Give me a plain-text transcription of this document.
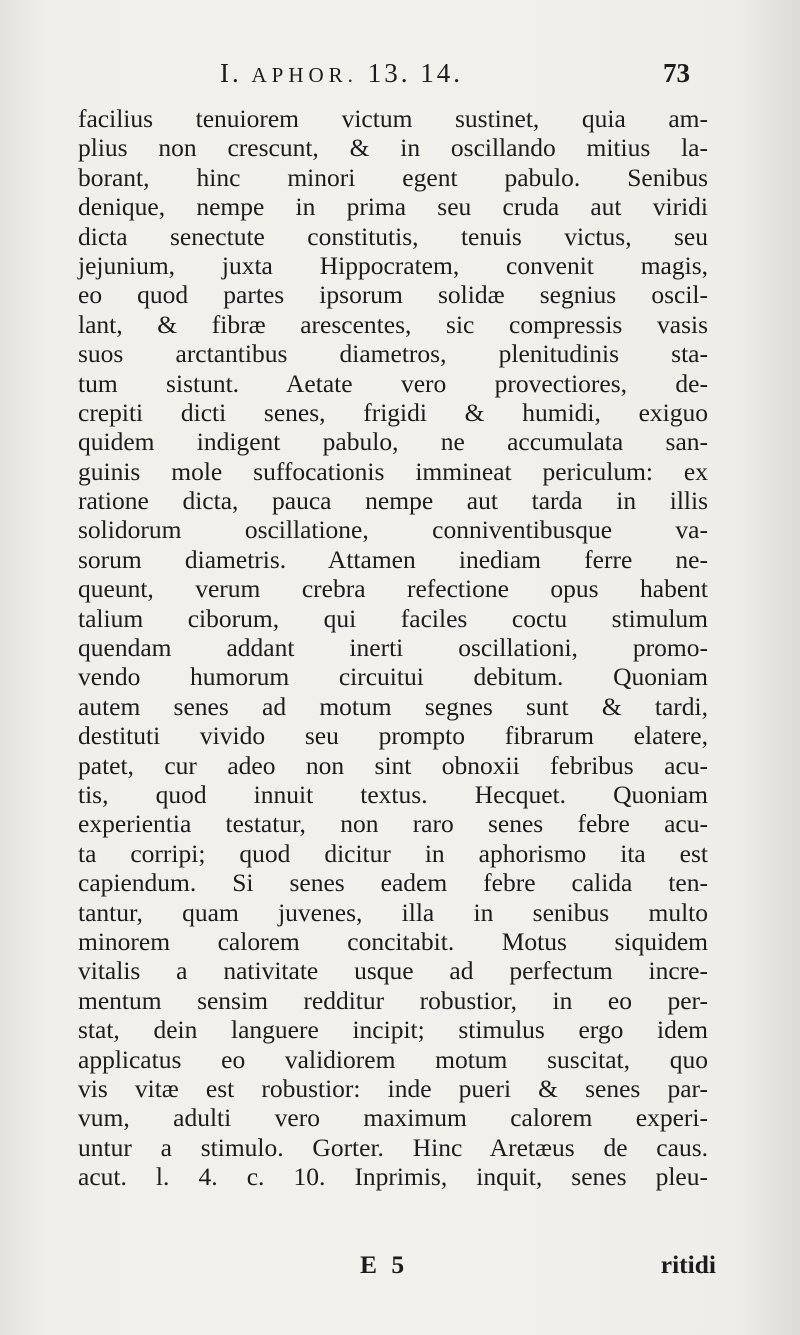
I. APHOR. 13. 14.	73
facilius tenuiorem victum sustinet, quia am-
plius non crescunt, & in oscillando mitius la-
borant, hinc minori egent pabulo. Senibus
denique, nempe in prima seu cruda aut viridi
dicta senectute constitutis, tenuis victus, seu
jejunium, juxta Hippocratem, convenit magis,
eo quod partes ipsorum solidæ segnius oscil-
lant, & fibræ arescentes, sic compressis vasis
suos arctantibus diametros, plenitudinis sta-
tum sistunt. Aetate vero provectiores, de-
crepiti dicti senes, frigidi & humidi, exiguo
quidem indigent pabulo, ne accumulata san-
guinis mole suffocationis immineat periculum: ex
ratione dicta, pauca nempe aut tarda in illis
solidorum oscillatione, conniventibusque va-
sorum diametris. Attamen inediam ferre ne-
queunt, verum crebra refectione opus habent
talium ciborum, qui faciles coctu stimulum
quendam addant inerti oscillationi, promo-
vendo humorum circuitui debitum. Quoniam
autem senes ad motum segnes sunt & tardi,
destituti vivido seu prompto fibrarum elatere,
patet, cur adeo non sint obnoxii febribus acu-
tis, quod innuit textus. Hecquet. Quoniam
experientia testatur, non raro senes febre acu-
ta corripi; quod dicitur in aphorismo ita est
capiendum. Si senes eadem febre calida ten-
tantur, quam juvenes, illa in senibus multo
minorem calorem concitabit. Motus siquidem
vitalis a nativitate usque ad perfectum incre-
mentum sensim redditur robustior, in eo per-
stat, dein languere incipit; stimulus ergo idem
applicatus eo validiorem motum suscitat, quo
vis vitæ est robustior: inde pueri & senes par-
vum, adulti vero maximum calorem experi-
untur a stimulo. Gorter. Hinc Aretæus de caus.
acut. l. 4. c. 10. Inprimis, inquit, senes pleu-
E 5	ritidi
